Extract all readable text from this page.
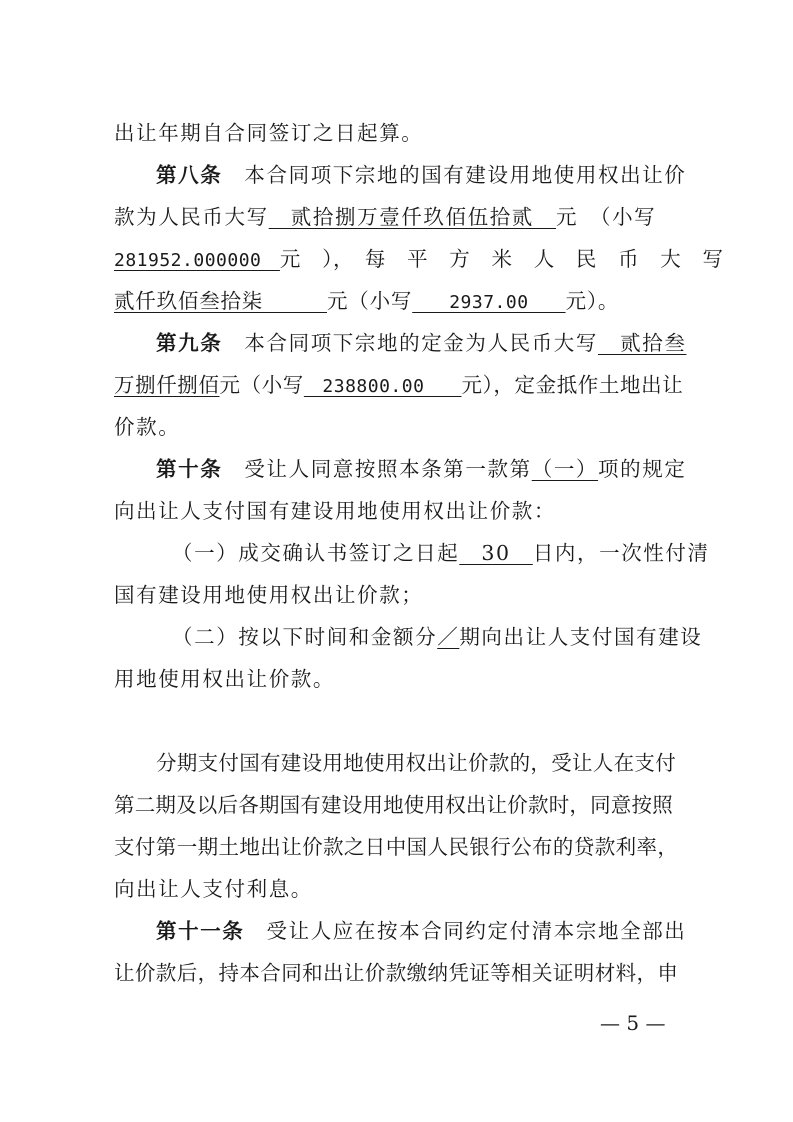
出让年期自合同签订之日起算。
第八条　本合同项下宗地的国有建设用地使用权出让价
款为人民币大写　贰拾捌万壹仟玖佰伍拾贰　元　（小写
281952.000000　元　），　每　平　方　米　人　民　币　大　写
贰仟玖佰叁拾柒　　　元（小写　　2937.00　　元）。
第九条　本合同项下宗地的定金为人民币大写　贰拾叁
万捌仟捌佰元（小写　238800.00　　元），定金抵作土地出让
价款。
第十条　受让人同意按照本条第一款第（一）项的规定
向出让人支付国有建设用地使用权出让价款：
（一）成交确认书签订之日起　30　日内，一次性付清
国有建设用地使用权出让价款；
（二）按以下时间和金额分／期向出让人支付国有建设
用地使用权出让价款。
分期支付国有建设用地使用权出让价款的，受让人在支付
第二期及以后各期国有建设用地使用权出让价款时，同意按照
支付第一期土地出让价款之日中国人民银行公布的贷款利率，
向出让人支付利息。
第十一条　受让人应在按本合同约定付清本宗地全部出
让价款后，持本合同和出让价款缴纳凭证等相关证明材料，申
— 5 —
